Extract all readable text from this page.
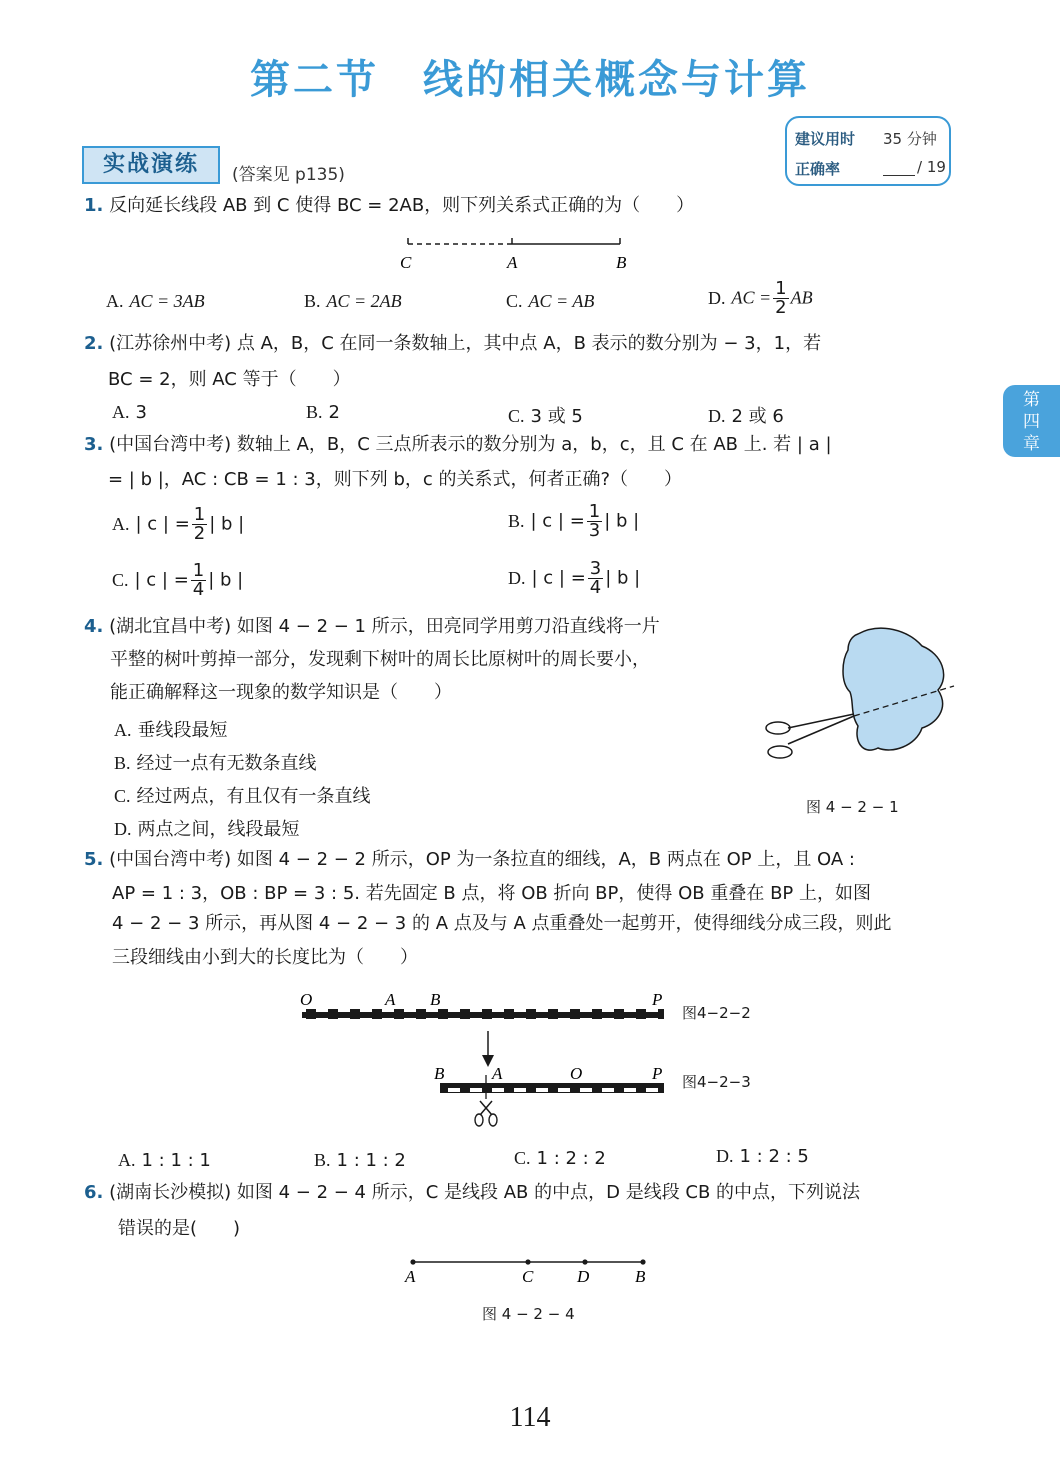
第二节 线的相关概念与计算
建议用时 35 分钟
正确率	/ 19
实战演练	(答案见 p135)
第
四
章
1. 反向延长线段 AB 到 C 使得 BC = 2AB，则下列关系式正确的为（　　）
C	A	B
A. AC = 3AB	B. AC = 2AB	C. AC = AB	D. AC = $\frac{1}{2}$ AB
2. (江苏徐州中考) 点 A，B，C 在同一条数轴上，其中点 A，B 表示的数分别为 − 3，1，若
BC = 2，则 AC 等于（　　）
A. 3	B. 2	C. 3 或 5	D. 2 或 6
3. (中国台湾中考) 数轴上 A，B，C 三点所表示的数分别为 a，b，c，且 C 在 AB 上. 若 | a |
= | b |，AC : CB = 1 : 3，则下列 b，c 的关系式，何者正确?（　　）
A. | c | = $\frac{1}{2}$ | b |	B. | c | = $\frac{1}{3}$ | b |
C. | c | = $\frac{1}{4}$ | b |	D. | c | = $\frac{3}{4}$ | b |
4. (湖北宜昌中考) 如图 4 − 2 − 1 所示，田亮同学用剪刀沿直线将一片
平整的树叶剪掉一部分，发现剩下树叶的周长比原树叶的周长要小，
能正确解释这一现象的数学知识是（　　）
A. 垂线段最短
B. 经过一点有无数条直线
C. 经过两点，有且仅有一条直线
D. 两点之间，线段最短
图 4 − 2 − 1
5. (中国台湾中考) 如图 4 − 2 − 2 所示，OP 为一条拉直的细线，A，B 两点在 OP 上，且 OA :
AP = 1 : 3，OB : BP = 3 : 5. 若先固定 B 点，将 OB 折向 BP，使得 OB 重叠在 BP 上，如图
4 − 2 − 3 所示，再从图 4 − 2 − 3 的 A 点及与 A 点重叠处一起剪开，使得细线分成三段，则此
三段细线由小到大的长度比为（　　）
O	A B	P
B	A	O	P
图4−2−2
图4−2−3
A. 1 : 1 : 1	B. 1 : 1 : 2	C. 1 : 2 : 2	D. 1 : 2 : 5
6. (湖南长沙模拟) 如图 4 − 2 − 4 所示，C 是线段 AB 的中点，D 是线段 CB 的中点，下列说法
错误的是(　　)
A	C	D	B
图 4 − 2 − 4
114
